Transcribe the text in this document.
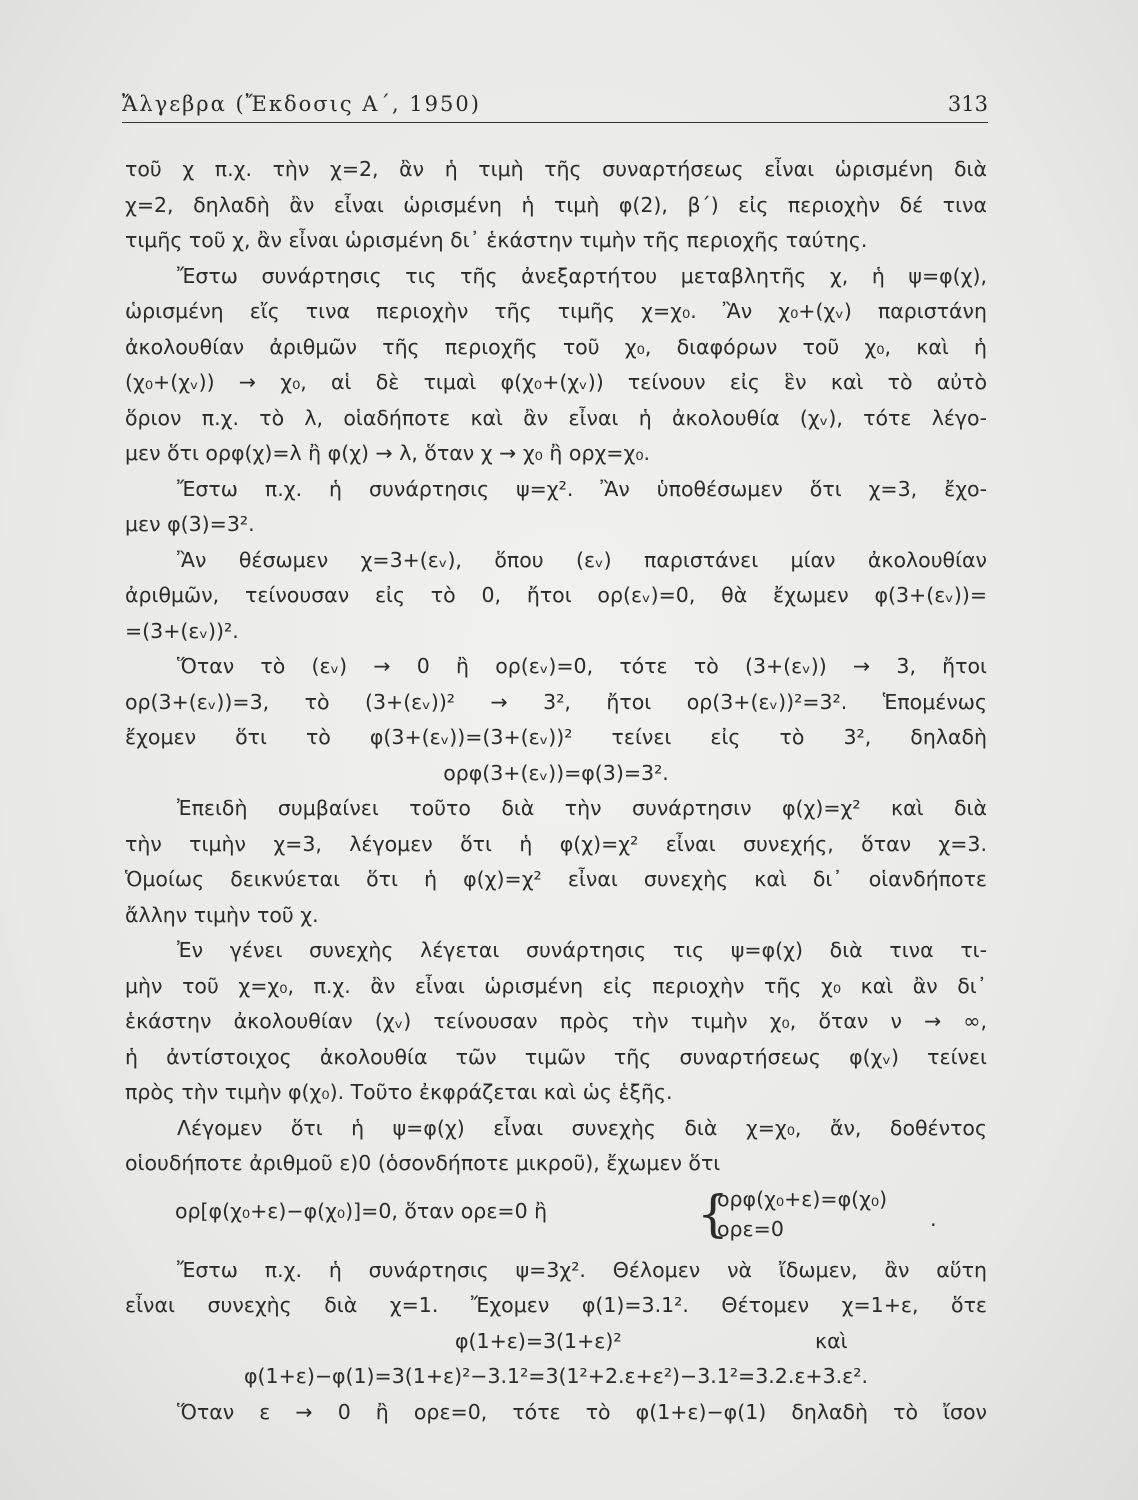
Ἄλγεβρα (Ἔκδοσις Α΄, 1950)	313
τοῦ χ π.χ. τὴν χ=2, ἂν ἡ τιμὴ τῆς συναρτήσεως εἶναι ὡρισμένη διὰ
χ=2, δηλαδὴ ἂν εἶναι ὡρισμένη ἡ τιμὴ φ(2), β΄) εἰς περιοχὴν δέ τινα
τιμῆς τοῦ χ, ἂν εἶναι ὡρισμένη δι᾽ ἑκάστην τιμὴν τῆς περιοχῆς ταύτης.
Ἔστω συνάρτησις τις τῆς ἀνεξαρτήτου μεταβλητῆς χ, ἡ ψ=φ(χ),
ὡρισμένη εἴς τινα περιοχὴν τῆς τιμῆς χ=χ₀. Ἂν χ₀+(χᵥ) παριστάνη
ἀκολουθίαν ἀριθμῶν τῆς περιοχῆς τοῦ χ₀, διαφόρων τοῦ χ₀, καὶ ἡ
(χ₀+(χᵥ)) → χ₀, αἱ δὲ τιμαὶ φ(χ₀+(χᵥ)) τείνουν εἰς ἓν καὶ τὸ αὐτὸ
ὅριον π.χ. τὸ λ, οἱαδήποτε καὶ ἂν εἶναι ἡ ἀκολουθία (χᵥ), τότε λέγο-
μεν ὅτι ορφ(χ)=λ ἢ φ(χ) → λ, ὅταν χ → χ₀ ἢ ορχ=χ₀.
Ἔστω π.χ. ἡ συνάρτησις ψ=χ². Ἂν ὑποθέσωμεν ὅτι χ=3, ἔχο-
μεν φ(3)=3².
Ἂν θέσωμεν χ=3+(εᵥ), ὅπου (εᵥ) παριστάνει μίαν ἀκολουθίαν
ἀριθμῶν, τείνουσαν εἰς τὸ 0, ἤτοι ορ(εᵥ)=0, θὰ ἔχωμεν φ(3+(εᵥ))=
=(3+(εᵥ))².
Ὅταν τὸ (εᵥ) → 0 ἢ ορ(εᵥ)=0, τότε τὸ (3+(εᵥ)) → 3, ἤτοι
ορ(3+(εᵥ))=3, τὸ (3+(εᵥ))² → 3², ἤτοι ορ(3+(εᵥ))²=3². Ἑπομένως
ἔχομεν ὅτι τὸ φ(3+(εᵥ))=(3+(εᵥ))² τείνει εἰς τὸ 3², δηλαδὴ
ορφ(3+(εᵥ))=φ(3)=3².
Ἐπειδὴ συμβαίνει τοῦτο διὰ τὴν συνάρτησιν φ(χ)=χ² καὶ διὰ
τὴν τιμὴν χ=3, λέγομεν ὅτι ἡ φ(χ)=χ² εἶναι συνεχής, ὅταν χ=3.
Ὁμοίως δεικνύεται ὅτι ἡ φ(χ)=χ² εἶναι συνεχὴς καὶ δι᾽ οἱανδήποτε
ἄλλην τιμὴν τοῦ χ.
Ἐν γένει συνεχὴς λέγεται συνάρτησις τις ψ=φ(χ) διὰ τινα τι-
μὴν τοῦ χ=χ₀, π.χ. ἂν εἶναι ὡρισμένη εἰς περιοχὴν τῆς χ₀ καὶ ἂν δι᾽
ἑκάστην ἀκολουθίαν (χᵥ) τείνουσαν πρὸς τὴν τιμὴν χ₀, ὅταν ν → ∞,
ἡ ἀντίστοιχος ἀκολουθία τῶν τιμῶν τῆς συναρτήσεως φ(χᵥ) τείνει
πρὸς τὴν τιμὴν φ(χ₀). Τοῦτο ἐκφράζεται καὶ ὡς ἑξῆς.
Λέγομεν ὅτι ἡ ψ=φ(χ) εἶναι συνεχὴς διὰ χ=χ₀, ἄν, δοθέντος
οἱουδήποτε ἀριθμοῦ ε)0 (ὁσονδήποτε μικροῦ), ἔχωμεν ὅτι
ορ[φ(χ₀+ε)−φ(χ₀)]=0, ὅταν ορε=0 ἢ	{
ορφ(χ₀+ε)=φ(χ₀)
ορε=0	.
Ἔστω π.χ. ἡ συνάρτησις ψ=3χ². Θέλομεν νὰ ἴδωμεν, ἂν αὕτη
εἶναι συνεχὴς διὰ χ=1. Ἔχομεν φ(1)=3.1². Θέτομεν χ=1+ε, ὅτε
φ(1+ε)=3(1+ε)²	καὶ
φ(1+ε)−φ(1)=3(1+ε)²−3.1²=3(1²+2.ε+ε²)−3.1²=3.2.ε+3.ε².
Ὅταν ε → 0 ἢ ορε=0, τότε τὸ φ(1+ε)−φ(1) δηλαδὴ τὸ ἴσον
